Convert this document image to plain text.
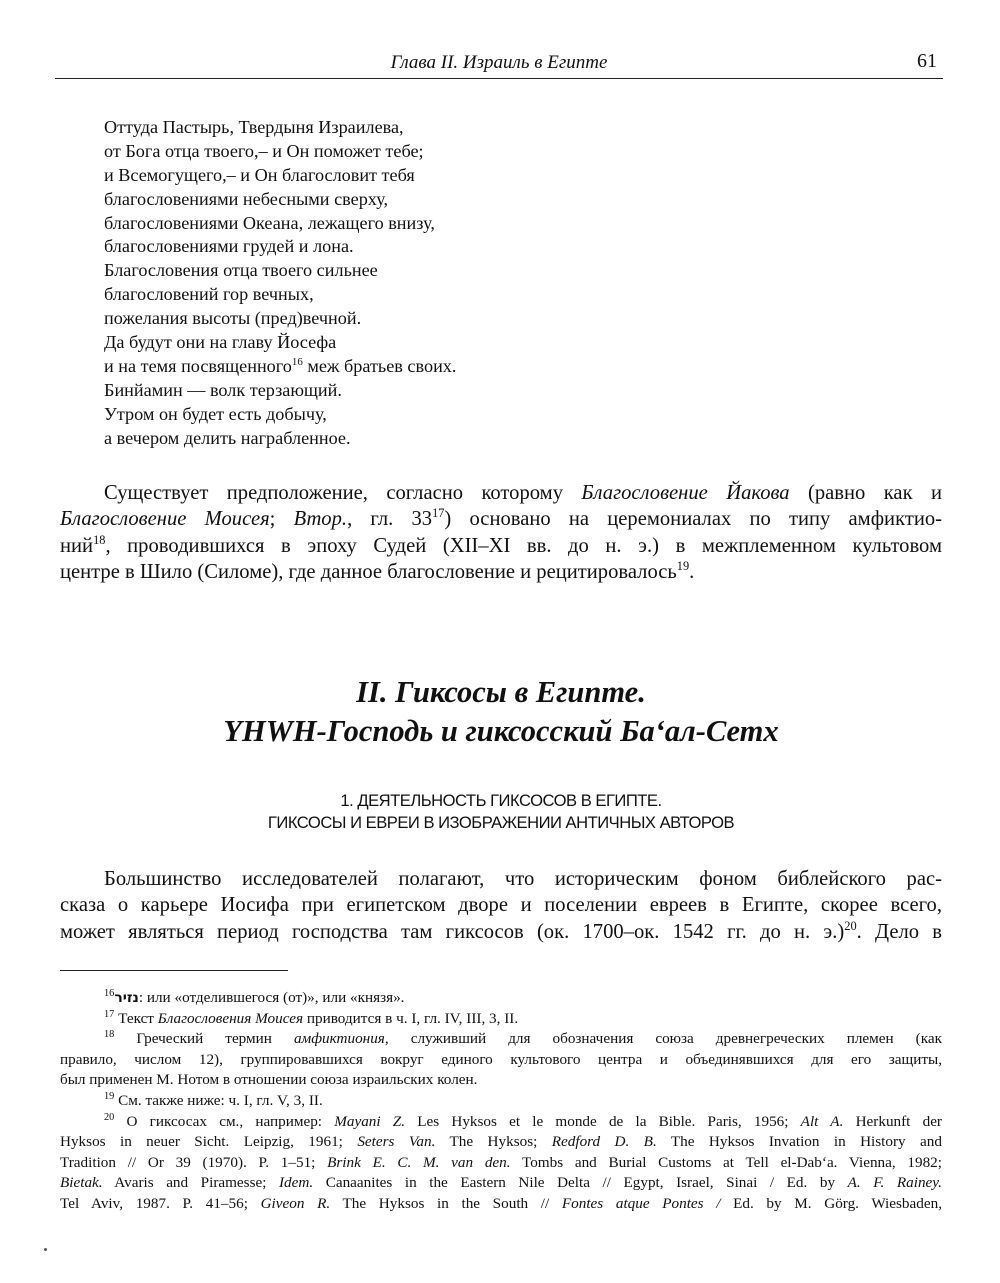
Глава II. Израиль в Египте	61
Оттуда Пастырь, Твердыня Израилева,
от Бога отца твоего,– и Он поможет тебе;
и Всемогущего,– и Он благословит тебя
благословениями небесными сверху,
благословениями Океана, лежащего внизу,
благословениями грудей и лона.
Благословения отца твоего сильнее
благословений гор вечных,
пожелания высоты (пред)вечной.
Да будут они на главу Йосефа
и на темя посвященного$^{16}$ меж братьев своих.
Бинйамин — волк терзающий.
Утром он будет есть добычу,
а вечером делить награбленное.
Существует предположение, согласно которому Благословение Йакова (равно как и
Благословение Моисея; Втор., гл. $33^{17}$) основано на церемониалах по типу амфиктио-
ний$^{18}$, проводившихся в эпоху Судей (XII–XI вв. до н. э.) в межплеменном культовом
центре в Шило (Силоме), где данное благословение и рецитировалось$^{19}$.
II. Гиксосы в Египте.
YHWH-Господь и гиксосский Ба‘ал-Сетх
1. ДЕЯТЕЛЬНОСТЬ ГИКСОСОВ В ЕГИПТЕ.
ГИКСОСЫ И ЕВРЕИ В ИЗОБРАЖЕНИИ АНТИЧНЫХ АВТОРОВ
Большинство исследователей полагают, что историческим фоном библейского рас-
сказа о карьере Иосифа при египетском дворе и поселении евреев в Египте, скорее всего,
может являться период господства там гиксосов (ок. 1700–ок. 1542 гг. до н. э.)$^{20}$. Дело в
$^{16}$נזיר: или «отделившегося (от)», или «князя».
$^{17}$ Текст Благословения Моисея приводится в ч. I, гл. IV, III, 3, II.
$^{18}$ Греческий термин амфиктиония, служивший для обозначения союза древнегреческих племен (как
правило, числом 12), группировавшихся вокруг единого культового центра и объединявшихся для его защиты,
был применен М. Нотом в отношении союза израильских колен.
$^{19}$ См. также ниже: ч. I, гл. V, 3, II.
$^{20}$ О гиксосах см., например: Mayani Z. Les Hyksos et le monde de la Bible. Paris, 1956; Alt A. Herkunft der
Hyksos in neuer Sicht. Leipzig, 1961; Seters Van. The Hyksos; Redford D. B. The Hyksos Invation in History and
Tradition // Or 39 (1970). P. 1–51; Brink E. C. M. van den. Tombs and Burial Customs at Tell el-Dab‘a. Vienna, 1982;
Bietak. Avaris and Piramesse; Idem. Canaanites in the Eastern Nile Delta // Egypt, Israel, Sinai / Ed. by A. F. Rainey.
Tel Aviv, 1987. P. 41–56; Giveon R. The Hyksos in the South // Fontes atque Pontes / Ed. by M. Görg. Wiesbaden,
